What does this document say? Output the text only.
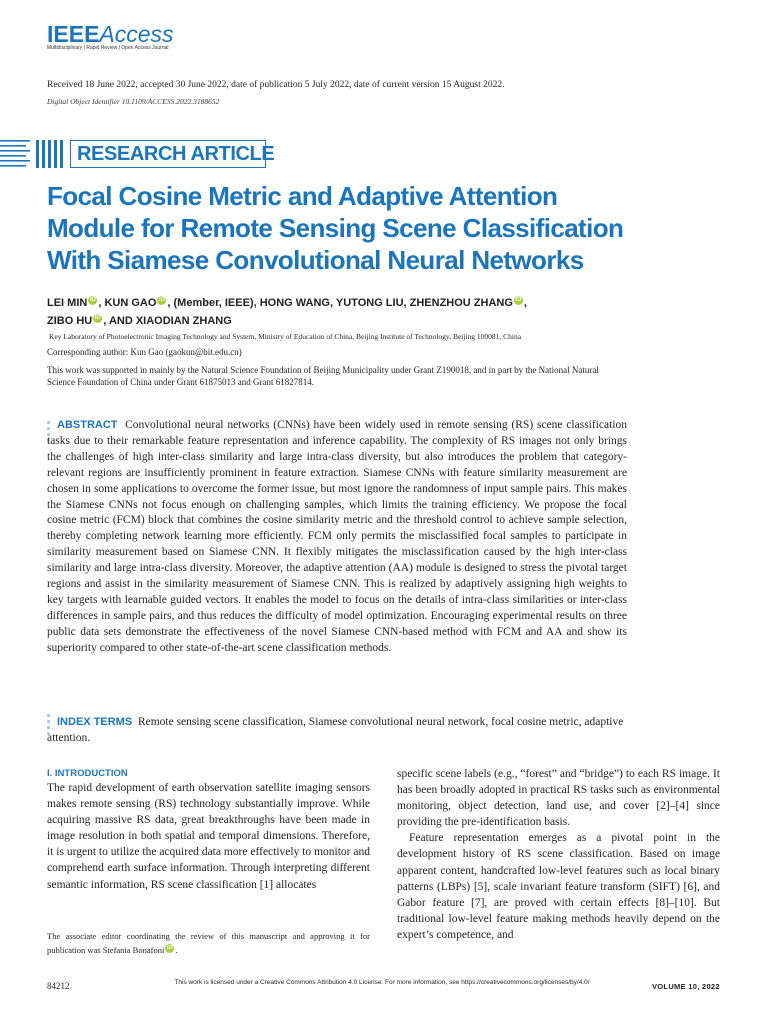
IEEEAccess
Multidisciplinary | Rapid Review | Open Access Journal
Received 18 June 2022, accepted 30 June 2022, date of publication 5 July 2022, date of current version 15 August 2022.
Digital Object Identifier 10.1109/ACCESS.2022.3188652
RESEARCH ARTICLE
Focal Cosine Metric and Adaptive Attention Module for Remote Sensing Scene Classification With Siamese Convolutional Neural Networks
LEI MIN iD , KUN GAO iD , (Member, IEEE), HONG WANG, YUTONG LIU, ZHENZHOU ZHANG iD ,
ZIBO HU iD , AND XIAODIAN ZHANG
Key Laboratory of Photoelectronic Imaging Technology and System, Ministry of Education of China, Beijing Institute of Technology, Beijing 100081, China
Corresponding author: Kun Gao (gaokun@bit.edu.cn)
This work was supported in mainly by the Natural Science Foundation of Beijing Municipality under Grant Z190018, and in part by the National Natural Science Foundation of China under Grant 61875013 and Grant 61827814.
ABSTRACT Convolutional neural networks (CNNs) have been widely used in remote sensing (RS) scene classification tasks due to their remarkable feature representation and inference capability. The complexity of RS images not only brings the challenges of high inter-class similarity and large intra-class diversity, but also introduces the problem that category-relevant regions are insufficiently prominent in feature extraction. Siamese CNNs with feature similarity measurement are chosen in some applications to overcome the former issue, but most ignore the randomness of input sample pairs. This makes the Siamese CNNs not focus enough on challenging samples, which limits the training efficiency. We propose the focal cosine metric (FCM) block that combines the cosine similarity metric and the threshold control to achieve sample selection, thereby completing network learning more efficiently. FCM only permits the misclassified focal samples to participate in similarity measurement based on Siamese CNN. It flexibly mitigates the misclassification caused by the high inter-class similarity and large intra-class diversity. Moreover, the adaptive attention (AA) module is designed to stress the pivotal target regions and assist in the similarity measurement of Siamese CNN. This is realized by adaptively assigning high weights to key targets with learnable guided vectors. It enables the model to focus on the details of intra-class similarities or inter-class differences in sample pairs, and thus reduces the difficulty of model optimization. Encouraging experimental results on three public data sets demonstrate the effectiveness of the novel Siamese CNN-based method with FCM and AA and show its superiority compared to other state-of-the-art scene classification methods.
INDEX TERMS Remote sensing scene classification, Siamese convolutional neural network, focal cosine metric, adaptive attention.
I. INTRODUCTION
The rapid development of earth observation satellite imaging sensors makes remote sensing (RS) technology substantially improve. While acquiring massive RS data, great breakthroughs have been made in image resolution in both spatial and temporal dimensions. Therefore, it is urgent to utilize the acquired data more effectively to monitor and comprehend earth surface information. Through interpreting different semantic information, RS scene classification [1] allocates

specific scene labels (e.g., “forest” and “bridge”) to each RS image. It has been broadly adopted in practical RS tasks such as environmental monitoring, object detection, land use, and cover [2]–[4] since providing the pre-identification basis.

Feature representation emerges as a pivotal point in the development history of RS scene classification. Based on image apparent content, handcrafted low-level features such as local binary patterns (LBPs) [5], scale invariant feature transform (SIFT) [6], and Gabor feature [7], are proved with certain effects [8]–[10]. But traditional low-level feature making methods heavily depend on the expert’s competence, and

The associate editor coordinating the review of this manuscript and approving it for publication was Stefania Bonafoni iD .
84212	This work is licensed under a Creative Commons Attribution 4.0 License. For more information, see https://creativecommons.org/licenses/by/4.0/	VOLUME 10, 2022
